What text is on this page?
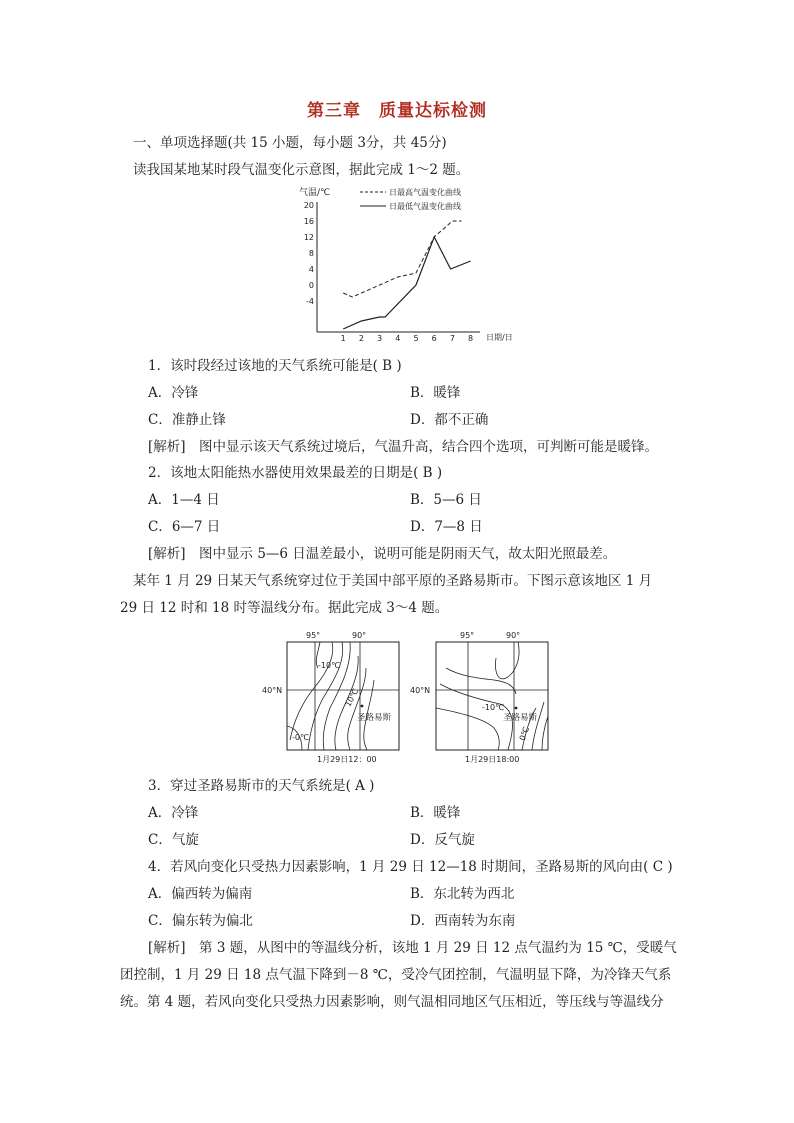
第三章　质量达标检测
一、单项选择题(共 15 小题，每小题 3分，共 45分)
读我国某地某时段气温变化示意图，据此完成 1～2 题。
气温/℃	日最高气温变化曲线
日最低气温变化曲线
20
16
12
8
4
0
-4
1 2 3 4 5 6 7 8 日期/日
1．该时段经过该地的天气系统可能是( B )
A．冷锋	B．暖锋
C．准静止锋	D．都不正确
[解析]　图中显示该天气系统过境后，气温升高，结合四个选项，可判断可能是暖锋。
2．该地太阳能热水器使用效果最差的日期是( B )
A．1—4 日	B．5—6 日
C．6—7 日	D．7—8 日
[解析]　图中显示 5—6 日温差最小，说明可能是阴雨天气，故太阳光照最差。
某年 1 月 29 日某天气系统穿过位于美国中部平原的圣路易斯市。下图示意该地区 1 月
29 日 12 时和 18 时等温线分布。据此完成 3～4 题。
95°	90°
40°N
-10℃
10℃
-0℃
圣路易斯
1月29日12：00
95°	90°
40°N
-10℃
0℃
圣路易斯
1月29日18:00
3．穿过圣路易斯市的天气系统是( A )
A．冷锋	B．暖锋
C．气旋	D．反气旋
4．若风向变化只受热力因素影响，1 月 29 日 12—18 时期间，圣路易斯的风向由( C )
A．偏西转为偏南	B．东北转为西北
C．偏东转为偏北	D．西南转为东南
[解析]　第 3 题，从图中的等温线分析，该地 1 月 29 日 12 点气温约为 15 ℃，受暖气
团控制，1 月 29 日 18 点气温下降到－8 ℃，受冷气团控制，气温明显下降，为冷锋天气系
统。第 4 题，若风向变化只受热力因素影响，则气温相同地区气压相近，等压线与等温线分
